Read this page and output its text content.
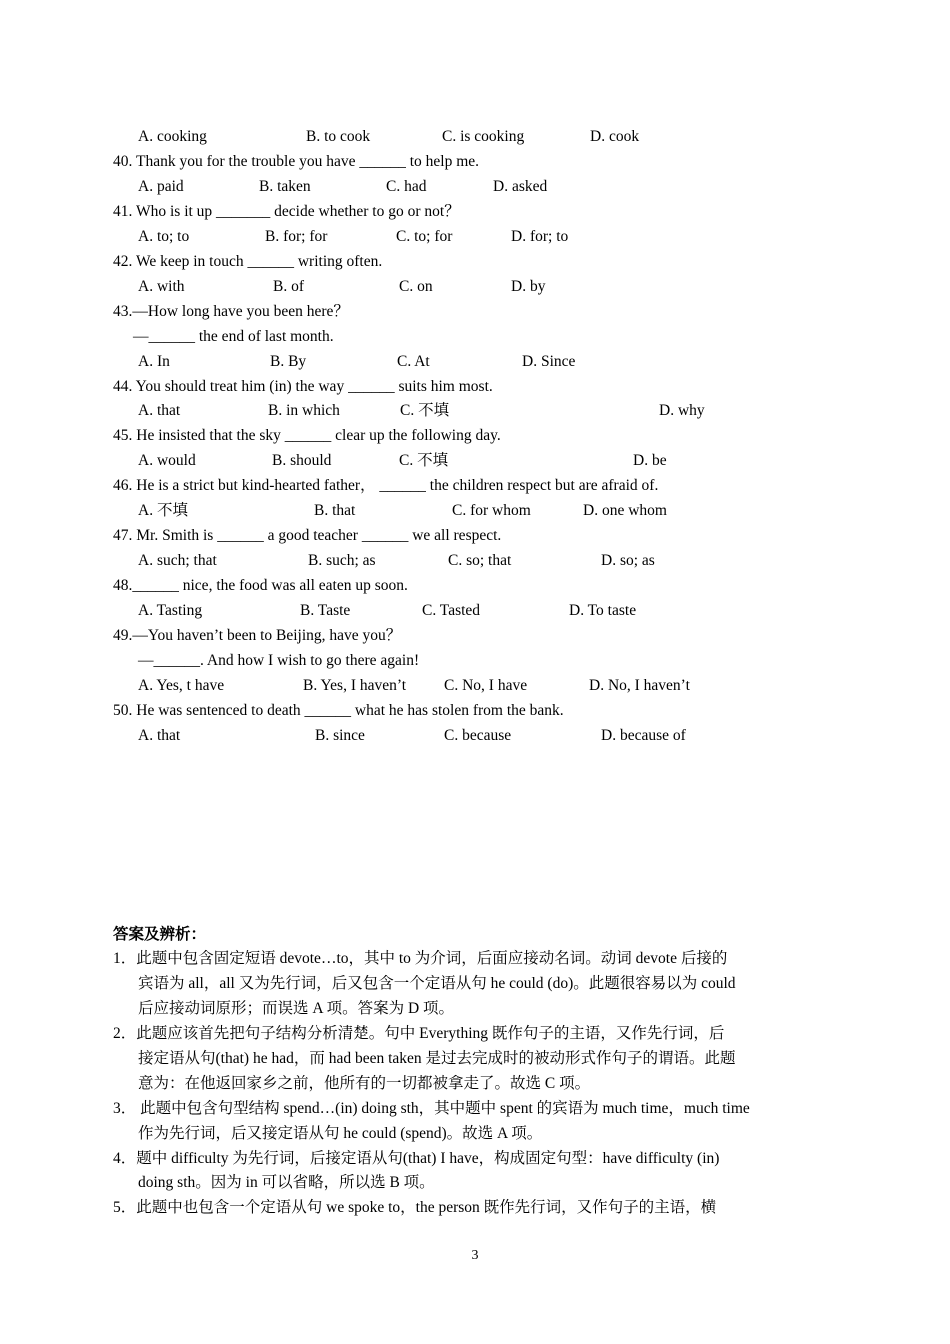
A. cooking	B. to cook	C. is cooking	D. cook
40. Thank you for the trouble you have ______ to help me.
A. paid	B. taken	C. had	D. asked
41. Who is it up _______ decide whether to go or not？
A. to; to	B. for; for	C. to; for	D. for; to
42. We keep in touch ______ writing often.
A. with	B. of	C. on	D. by
43.—How long have you been here？
—______ the end of last month.
A. In	B. By	C. At	D. Since
44. You should treat him (in) the way ______ suits him most.
A. that	B. in which	C. 不填	D. why
45. He insisted that the sky ______ clear up the following day.
A. would	B. should	C. 不填	D. be
46. He is a strict but kind-hearted father， ______ the children respect but are afraid of.
A. 不填	B. that	C. for whom	D. one whom
47. Mr. Smith is ______ a good teacher ______ we all respect.
A. such; that	B. such; as	C. so; that	D. so; as
48.______ nice, the food was all eaten up soon.
A. Tasting	B. Taste	C. Tasted	D. To taste
49.—You haven’t been to Beijing, have you？
—______. And how I wish to go there again!
A. Yes, t have	B. Yes, I haven’t C. No, I have	D. No, I haven’t
50. He was sentenced to death ______ what he has stolen from the bank.
A. that	B. since	C. because	D. because of
答案及辨析：
1．此题中包含固定短语 devote…to，其中 to 为介词，后面应接动名词。动词 devote 后接的
宾语为 all，all 又为先行词，后又包含一个定语从句 he could (do)。此题很容易以为 could
后应接动词原形；而误选 A 项。答案为 D 项。
2．此题应该首先把句子结构分析清楚。句中 Everything 既作句子的主语，又作先行词，后
接定语从句(that) he had，而 had been taken 是过去完成时的被动形式作句子的谓语。此题
意为：在他返回家乡之前，他所有的一切都被拿走了。故选 C 项。
3． 此题中包含句型结构 spend…(in) doing sth，其中题中 spent 的宾语为 much time，much time
作为先行词，后又接定语从句 he could (spend)。故选 A 项。
4．题中 difficulty 为先行词，后接定语从句(that) I have，构成固定句型：have difficulty (in)
doing sth。因为 in 可以省略，所以选 B 项。
5．此题中也包含一个定语从句 we spoke to，the person 既作先行词，又作句子的主语，横
3
